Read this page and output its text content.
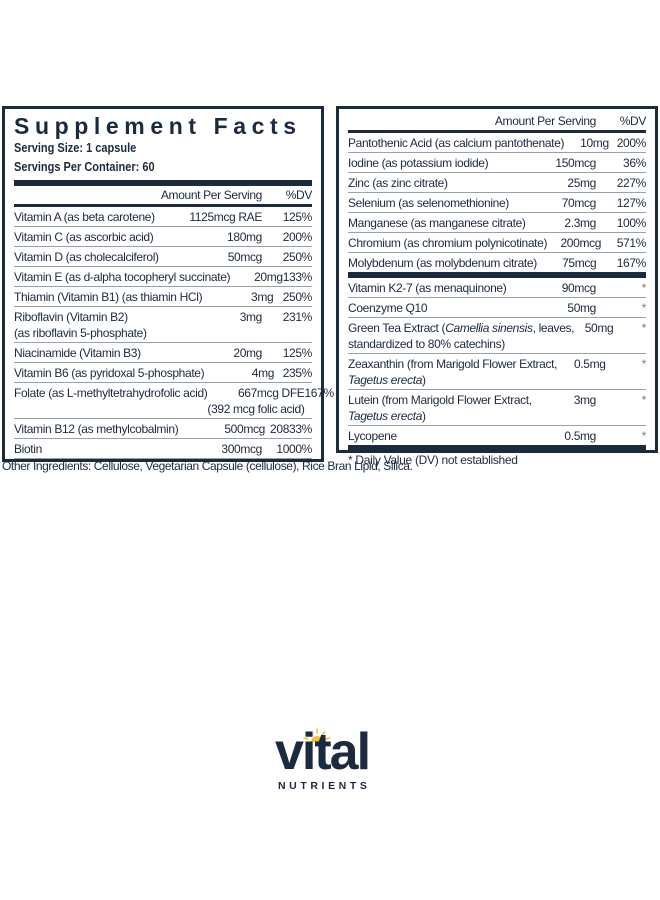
Supplement Facts
Serving Size: 1 capsule
Servings Per Container: 60
Amount Per Serving	%DV
Vitamin A (as beta carotene)	1125mcg RAE	125%
Vitamin C (as ascorbic acid)	180mg	200%
Vitamin D (as cholecalciferol)	50mcg	250%
Vitamin E (as d-alpha tocopheryl succinate)	20mg 133%
Thiamin (Vitamin B1) (as thiamin HCl)	3mg 250%
Riboflavin (Vitamin B2)
(as riboflavin 5-phosphate)
3mg	231%
Niacinamide (Vitamin B3)	20mg	125%
Vitamin B6 (as pyridoxal 5-phosphate)	4mg 235%
Folate (as L-methyltetrahydrofolic acid)	667mcg DFE
(392 mcg folic acid)
167%
Vitamin B12 (as methylcobalmin)	500mcg 20833%
Biotin	300mcg	1000%
Amount Per Serving	%DV
Pantothenic Acid (as calcium pantothenate)	10mg 200%
Iodine (as potassium iodide)	150mcg	36%
Zinc (as zinc citrate)	25mg	227%
Selenium (as selenomethionine)	70mcg	127%
Manganese (as manganese citrate)	2.3mg	100%
Chromium (as chromium polynicotinate)	200mcg	571%
Molybdenum (as molybdenum citrate)	75mcg	167%
Vitamin K2-7 (as menaquinone)	90mcg	*
Coenzyme Q10	50mg	*
Green Tea Extract (Camellia sinensis, leaves,
standardized to 80% catechins)
50mg	*
Zeaxanthin (from Marigold Flower Extract,
Tagetus erecta)
0.5mg	*
Lutein (from Marigold Flower Extract,
Tagetus erecta)
3mg	*
Lycopene	0.5mg	*
* Daily Value (DV) not established
Other Ingredients: Cellulose, Vegetarian Capsule (cellulose), Rice Bran Lipid, Silica.
vital
NUTRIENTS
